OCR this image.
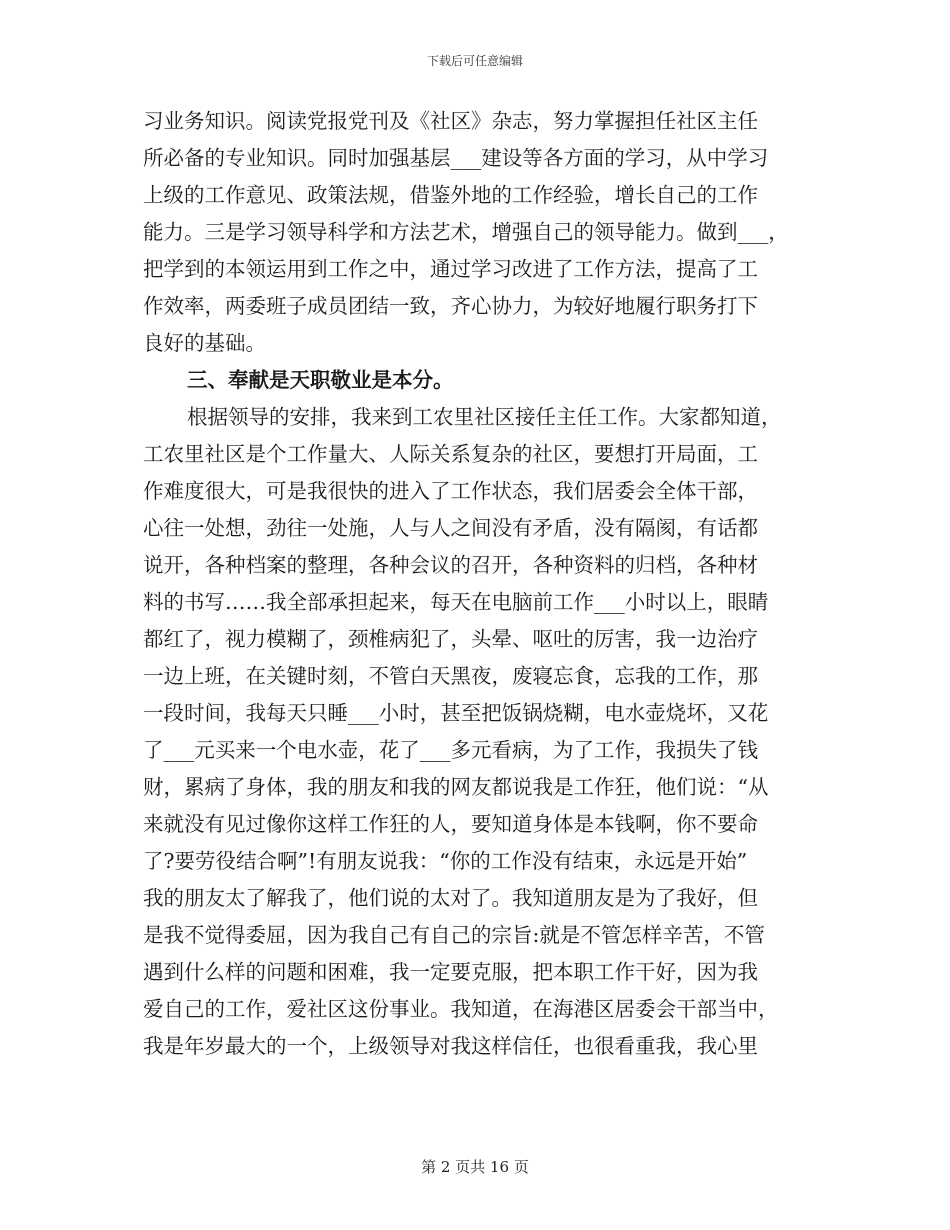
下载后可任意编辑
习业务知识。阅读党报党刊及《社区》杂志，努力掌握担任社区主任
所必备的专业知识。同时加强基层___建设等各方面的学习，从中学习
上级的工作意见、政策法规，借鉴外地的工作经验，增长自己的工作
能力。三是学习领导科学和方法艺术，增强自己的领导能力。做到___，
把学到的本领运用到工作之中，通过学习改进了工作方法，提高了工
作效率，两委班子成员团结一致，齐心协力，为较好地履行职务打下
良好的基础。
三、奉献是天职敬业是本分。
根据领导的安排，我来到工农里社区接任主任工作。大家都知道，
工农里社区是个工作量大、人际关系复杂的社区，要想打开局面，工
作难度很大，可是我很快的进入了工作状态，我们居委会全体干部，
心往一处想，劲往一处施，人与人之间没有矛盾，没有隔阂，有话都
说开，各种档案的整理，各种会议的召开，各种资料的归档，各种材
料的书写……我全部承担起来，每天在电脑前工作___小时以上，眼睛
都红了，视力模糊了，颈椎病犯了，头晕、呕吐的厉害，我一边治疗
一边上班，在关键时刻，不管白天黑夜，废寝忘食，忘我的工作，那
一段时间，我每天只睡___小时，甚至把饭锅烧糊，电水壶烧坏，又花
了___元买来一个电水壶，花了___多元看病，为了工作，我损失了钱
财，累病了身体，我的朋友和我的网友都说我是工作狂，他们说：“从
来就没有见过像你这样工作狂的人，要知道身体是本钱啊，你不要命
了?要劳役结合啊”!有朋友说我：“你的工作没有结束，永远是开始”
我的朋友太了解我了，他们说的太对了。我知道朋友是为了我好，但
是我不觉得委屈，因为我自己有自己的宗旨:就是不管怎样辛苦，不管
遇到什么样的问题和困难，我一定要克服，把本职工作干好，因为我
爱自己的工作，爱社区这份事业。我知道，在海港区居委会干部当中，
我是年岁最大的一个，上级领导对我这样信任，也很看重我，我心里
第 2 页共 16 页
